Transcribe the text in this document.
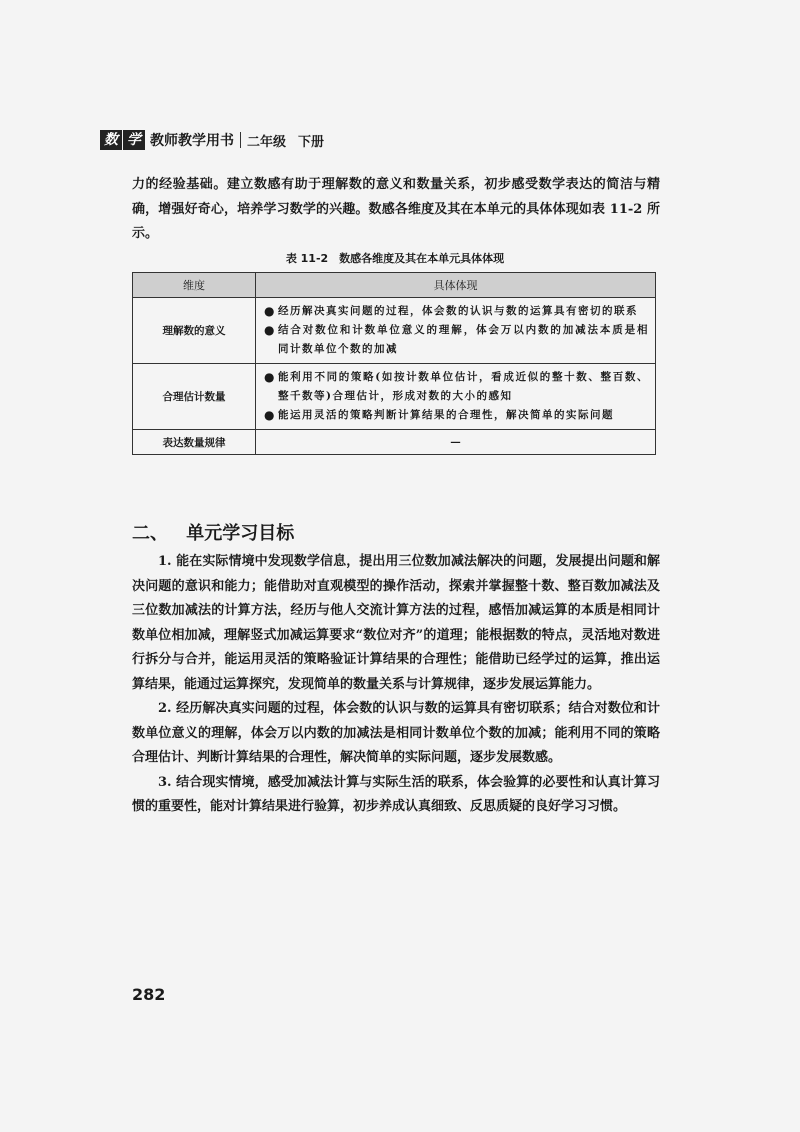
数 学 教师教学用书 二年级 下册
力的经验基础。建立数感有助于理解数的意义和数量关系，初步感受数学表达的简洁与精确，增强好奇心，培养学习数学的兴趣。数感各维度及其在本单元的具体体现如表 11-2 所示。
表 11-2　数感各维度及其在本单元具体体现
维度	具体体现
理解数的意义	● 经历解决真实问题的过程，体会数的认识与数的运算具有密切的联系
● 结合对数位和计数单位意义的理解，体会万以内数的加减法本质是相同计数单位个数的加减

合理估计数量	● 能利用不同的策略(如按计数单位估计，看成近似的整十数、整百数、整千数等)合理估计，形成对数的大小的感知
● 能运用灵活的策略判断计算结果的合理性，解决简单的实际问题

表达数量规律	—
二、 单元学习目标

1. 能在实际情境中发现数学信息，提出用三位数加减法解决的问题，发展提出问题和解决问题的意识和能力；能借助对直观模型的操作活动，探索并掌握整十数、整百数加减法及三位数加减法的计算方法，经历与他人交流计算方法的过程，感悟加减运算的本质是相同计数单位相加减，理解竖式加减运算要求“数位对齐”的道理；能根据数的特点，灵活地对数进行拆分与合并，能运用灵活的策略验证计算结果的合理性；能借助已经学过的运算，推出运算结果，能通过运算探究，发现简单的数量关系与计算规律，逐步发展运算能力。

2. 经历解决真实问题的过程，体会数的认识与数的运算具有密切联系；结合对数位和计数单位意义的理解，体会万以内数的加减法是相同计数单位个数的加减；能利用不同的策略合理估计、判断计算结果的合理性，解决简单的实际问题，逐步发展数感。

3. 结合现实情境，感受加减法计算与实际生活的联系，体会验算的必要性和认真计算习惯的重要性，能对计算结果进行验算，初步养成认真细致、反思质疑的良好学习习惯。

282
